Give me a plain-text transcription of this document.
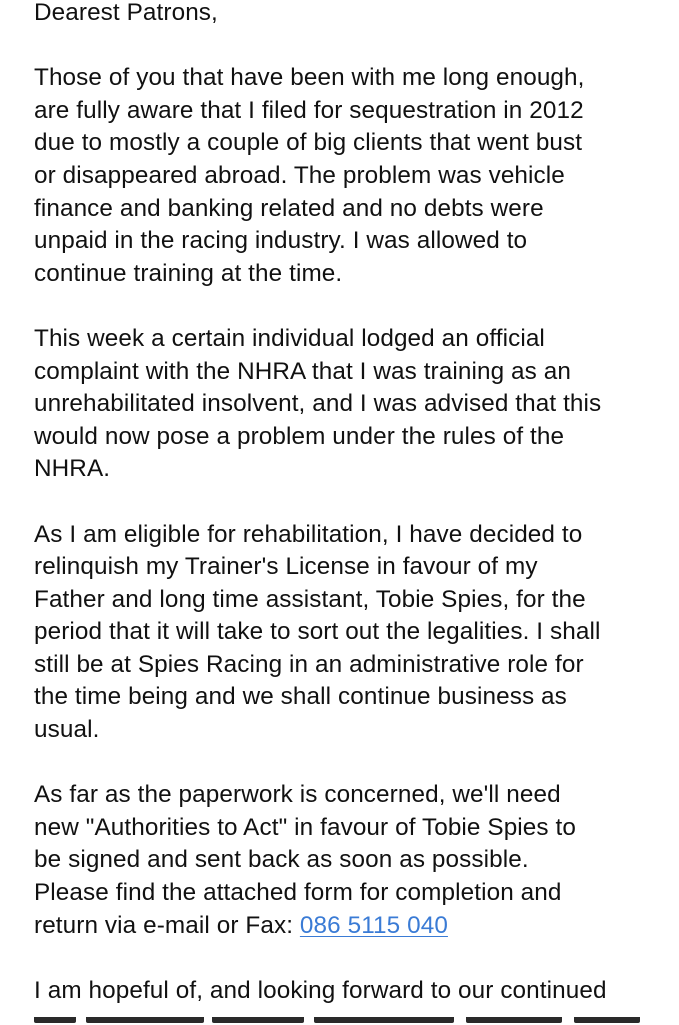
Dearest Patrons,
Those of you that have been with me long enough,
are fully aware that I filed for sequestration in 2012
due to mostly a couple of big clients that went bust
or disappeared abroad. The problem was vehicle
finance and banking related and no debts were
unpaid in the racing industry. I was allowed to
continue training at the time.
This week a certain individual lodged an official
complaint with the NHRA that I was training as an
unrehabilitated insolvent, and I was advised that this
would now pose a problem under the rules of the
NHRA.
As I am eligible for rehabilitation, I have decided to
relinquish my Trainer's License in favour of my
Father and long time assistant, Tobie Spies, for the
period that it will take to sort out the legalities. I shall
still be at Spies Racing in an administrative role for
the time being and we shall continue business as
usual.
As far as the paperwork is concerned, we'll need
new "Authorities to Act" in favour of Tobie Spies to
be signed and sent back as soon as possible.
Please find the attached form for completion and
return via e-mail or Fax: 086 5115 040
I am hopeful of, and looking forward to our continued
